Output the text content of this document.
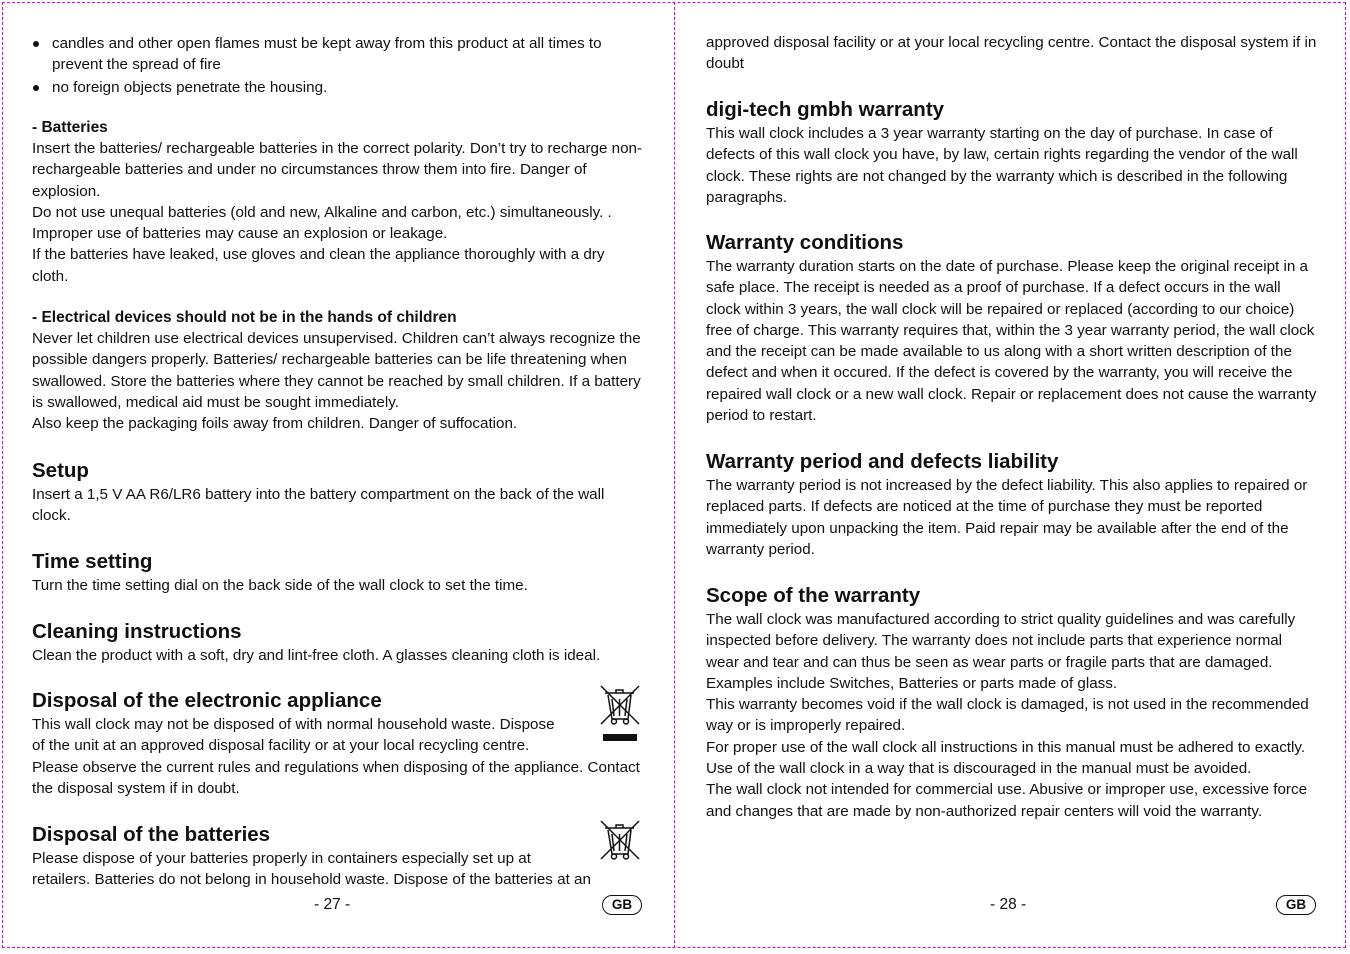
candles and other open flames must be kept away from this product at all times to prevent the spread of fire
no foreign objects penetrate the housing.

- Batteries

Insert the batteries/ rechargeable batteries in the correct polarity. Don’t try to recharge non-rechargeable batteries and under no circumstances throw them into fire. Danger of explosion.

Do not use unequal batteries (old and new, Alkaline and carbon, etc.) simultaneously. . Improper use of batteries may cause an explosion or leakage.

If the batteries have leaked, use gloves and clean the appliance thoroughly with a dry cloth.

- Electrical devices should not be in the hands of children

Never let children use electrical devices unsupervised. Children can’t always recognize the possible dangers properly. Batteries/ rechargeable batteries can be life threatening when swallowed. Store the batteries where they cannot be reached by small children. If a battery is swallowed, medical aid must be sought immediately.

Also keep the packaging foils away from children. Danger of suffocation.

Setup

Insert a 1,5 V AA R6/LR6 battery into the battery compartment on the back of the wall clock.

Time setting

Turn the time setting dial on the back side of the wall clock to set the time.

Cleaning instructions

Clean the product with a soft, dry and lint-free cloth. A glasses cleaning cloth is ideal.

Disposal of the electronic appliance

This wall clock may not be disposed of with normal household waste. Dispose

of the unit at an approved disposal facility or at your local recycling centre.

Please observe the current rules and regulations when disposing of the appliance. Contact the disposal system if in doubt.

Disposal of the batteries

Please dispose of your batteries properly in containers especially set up at

retailers. Batteries do not belong in household waste. Dispose of the batteries at an

- 27 -	GB

approved disposal facility or at your local recycling centre. Contact the disposal system if in doubt

digi-tech gmbh warranty

This wall clock includes a 3 year warranty starting on the day of purchase. In case of defects of this wall clock you have, by law, certain rights regarding the vendor of the wall clock. These rights are not changed by the warranty which is described in the following paragraphs.

Warranty conditions

The warranty duration starts on the date of purchase. Please keep the original receipt in a safe place. The receipt is needed as a proof of purchase. If a defect occurs in the wall clock within 3 years, the wall clock will be repaired or replaced (according to our choice) free of charge. This warranty requires that, within the 3 year warranty period, the wall clock and the receipt can be made available to us along with a short written description of the defect and when it occured. If the defect is covered by the warranty, you will receive the repaired wall clock or a new wall clock. Repair or replacement does not cause the warranty period to restart.

Warranty period and defects liability

The warranty period is not increased by the defect liability. This also applies to repaired or replaced parts. If defects are noticed at the time of purchase they must be reported immediately upon unpacking the item. Paid repair may be available after the end of the warranty period.

Scope of the warranty

The wall clock was manufactured according to strict quality guidelines and was carefully inspected before delivery. The warranty does not include parts that experience normal wear and tear and can thus be seen as wear parts or fragile parts that are damaged. Examples include Switches, Batteries or parts made of glass.

This warranty becomes void if the wall clock is damaged, is not used in the recommended way or is improperly repaired.

For proper use of the wall clock all instructions in this manual must be adhered to exactly. Use of the wall clock in a way that is discouraged in the manual must be avoided.

The wall clock not intended for commercial use. Abusive or improper use, excessive force and changes that are made by non-authorized repair centers will void the warranty.

- 28 -	GB
